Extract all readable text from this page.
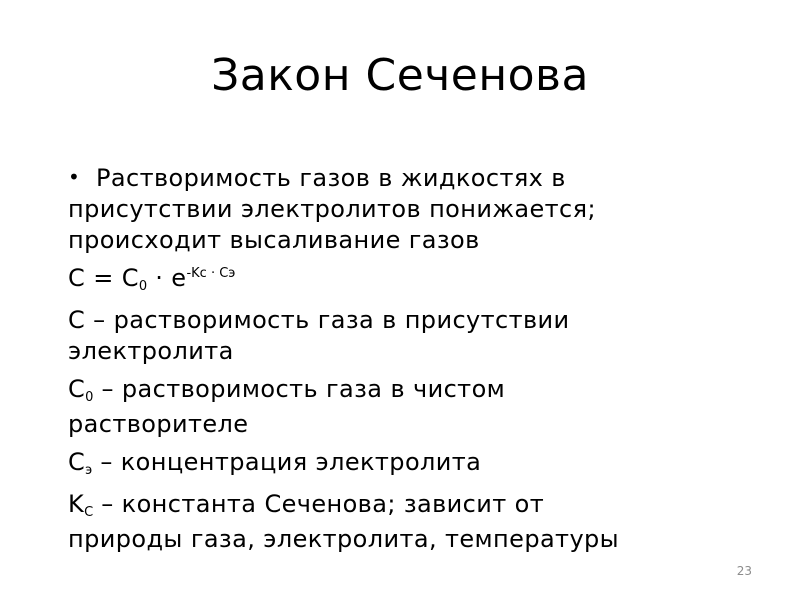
Закон Сеченова
• Растворимость газов в жидкостях в
присутствии электролитов понижается;
происходит высаливание газов
$C = C0 \cdot e^{-Kc \cdot Cэ}$
C – растворимость газа в присутствии
электролита
C0 – растворимость газа в чистом
растворителе
Cэ – концентрация электролита
KC – константа Сеченова; зависит от
природы газа, электролита, температуры
23
